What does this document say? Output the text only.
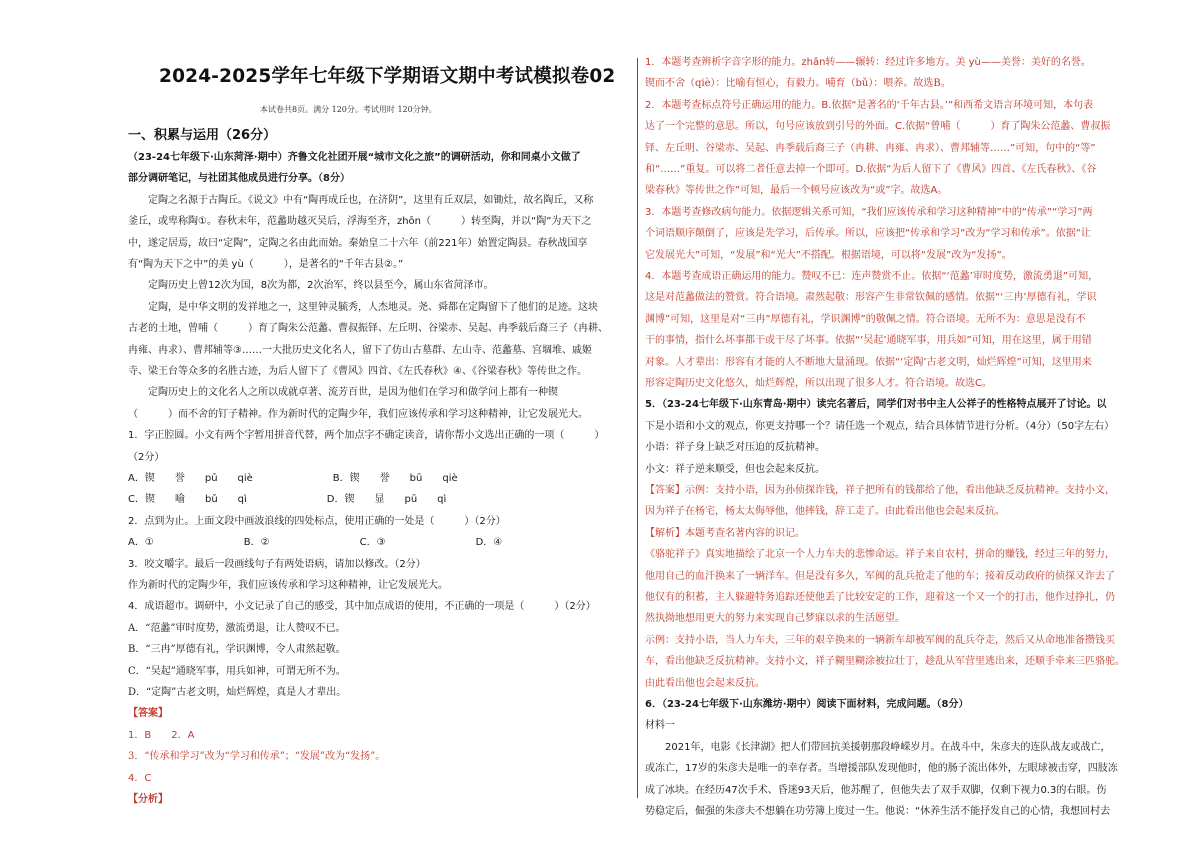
2024-2025学年七年级下学期语文期中考试模拟卷02
本试卷共8页。满分 120分。考试用时 120分钟。
一、积累与运用（26分）
（23-24七年级下·山东菏泽·期中）齐鲁文化社团开展“城市文化之旅”的调研活动，你和同桌小文做了
部分调研笔记，与社团其他成员进行分享。（8分）
　　定陶之名源于古陶丘。《说文》中有“陶再成丘也，在济阴”，这里有丘双层，如锄灶，故名陶丘，又称
釜丘，或卑称陶①。春秋末年，范蠡助越灭吴后，浮海至齐，zhōn（　　　）转至陶，并以“陶”为天下之
中，遂定居焉，故曰“定陶”，定陶之名由此而始。秦始皇二十六年（前221年）始置定陶县。春秋战国享
有“陶为天下之中”的美 yù（　　　），是著名的“千年古县②。”
　　定陶历史上曾12次为国，8次为都，2次治军，终以县至今，属山东省菏泽市。
　　定陶，是中华文明的发祥地之一，这里钟灵毓秀，人杰地灵。尧、舜都在定陶留下了他们的足迹。这块
古老的土地，曾哺（　　　）育了陶朱公范蠡、曹叔振铎、左丘明、谷梁赤、吴起、冉季载后裔三子（冉耕、
冉雍、冉求）、曹邦辅等③……一大批历史文化名人，留下了仿山古墓群、左山寺、范蠡墓、宫堌堆、戚姬
寺、梁王台等众多的名胜古迹，为后人留下了《曹风》四首、《左氏春秋》④、《谷梁春秋》等传世之作。
　　定陶历史上的文化名人之所以成就卓著、流芳百世，是因为他们在学习和做学问上都有一种锲
（　　　）而不舍的钉子精神。作为新时代的定陶少年，我们应该传承和学习这种精神，让它发展光大。
1．字正腔圆。小文有两个字暂用拼音代替，两个加点字不确定读音，请你帮小文选出正确的一项（　　　）
（2分）
A．锲　　誉　　pū　　qiè　　　　　　　　B．锲　　誉　　bū　　qiè
C．锲　　喻　　bǔ　　qì　　　　　　　　D．锲　　显　　pū　　qì
2．点到为止。上面文段中画波浪线的四处标点，使用正确的一处是（　　　）（2分）
A．①　　　　　　　　　B．②　　　　　　　　　C．③　　　　　　　　　D．④
3．咬文嚼字。最后一段画线句子有两处语病，请加以修改。（2分）
作为新时代的定陶少年，我们应该传承和学习这种精神，让它发展光大。
4．成语超市。调研中，小文记录了自己的感受，其中加点成语的使用，不正确的一项是（　　　）（2分）
A．“范蠡”审时度势，激流勇退，让人赞叹不已。
B．“三冉”厚德有礼，学识渊博，令人肃然起敬。
C．“吴起”通晓军事，用兵如神，可谓无所不为。
D．“定陶”古老文明，灿烂辉煌，真是人才辈出。
【答案】
1．B　　2．A
3．“传承和学习”改为“学习和传承”；“发展”改为“发扬”。
4．C
【分析】
1．本题考查辨析字音字形的能力。zhǎn转——辗转：经过许多地方。美 yù——美誉：美好的名誉。
锲而不舍（qiè）：比喻有恒心，有毅力。哺育（bǔ）：喂养。故选B。
2．本题考查标点符号正确运用的能力。B.依据“是著名的‘千年古县。’”和西希文语言环境可知，本句表
达了一个完整的意思。所以，句号应该放到引号的外面。C.依据“曾哺（　　　）育了陶朱公范蠡、曹叔振
铎、左丘明、谷梁赤、吴起、冉季载后裔三子（冉耕、冉雍、冉求）、曹邦辅等……”可知，句中的“等”
和“……”重复。可以将二者任意去掉一个即可。D.依据“为后人留下了《曹风》四首、《左氏春秋》、《谷
梁春秋》等传世之作”可知，最后一个顿号应该改为“或”字。故选A。
3．本题考查修改病句能力。依据逻辑关系可知，“我们应该传承和学习这种精神”中的“传承”“学习”两
个词语顺序颠倒了，应该是先学习，后传承。所以，应该把“传承和学习”改为“学习和传承”。依据“让
它发展光大”可知，“发展”和“光大”不搭配。根据语境，可以将“发展”改为“发扬”。
4．本题考查成语正确运用的能力。赞叹不已：连声赞赏不止。依据“‘范蠡’审时度势，激流勇退”可知，
这是对范蠡做法的赞赏。符合语境。肃然起敬：形容产生非常钦佩的感情。依据“‘三冉’厚德有礼，学识
渊博”可知，这里是对“三冉”厚德有礼，学识渊博”的敬佩之情。符合语境。无所不为：意思是没有不
干的事情，指什么坏事都干或干尽了坏事。依据“‘吴起’通晓军事，用兵如”可知，用在这里，属于用错
对象。人才辈出：形容有才能的人不断地大量涌现。依据“‘定陶’古老文明，灿烂辉煌”可知，这里用来
形容定陶历史文化悠久，灿烂辉煌，所以出现了很多人才。符合语境。故选C。
5．（23-24七年级下·山东青岛·期中）读完名著后，同学们对书中主人公祥子的性格特点展开了讨论。以
下是小语和小文的观点，你更支持哪一个？请任选一个观点，结合具体情节进行分析。（4分）（50字左右）
小语：祥子身上缺乏对压迫的反抗精神。
小文：祥子逆来顺受，但也会起来反抗。
【答案】示例：支持小语，因为孙侦探诈钱，祥子把所有的钱都给了他，看出他缺乏反抗精神。支持小文，
因为祥子在杨宅，杨太太侮辱他，他摔钱，辞工走了。由此看出他也会起来反抗。
【解析】本题考查名著内容的识记。
《骆驼祥子》真实地描绘了北京一个人力车夫的悲惨命运。祥子来自农村，拼命的赚钱，经过三年的努力，
他用自己的血汗换来了一辆洋车。但是没有多久，军阀的乱兵抢走了他的车；接着反动政府的侦探又诈去了
他仅有的积蓄，主人躲避特务追踪还使他丢了比较安定的工作，迎着这一个又一个的打击，他作过挣扎，仍
然执拗地想用更大的努力来实现自己梦寐以求的生活愿望。
示例：支持小语，当人力车夫，三年的艰辛换来的一辆新车却被军阀的乱兵夺走，然后又从命地准备攒钱买
车，看出他缺乏反抗精神。支持小文，祥子糊里糊涂被拉壮丁，趁乱从军营里逃出来，还顺手牵来三匹骆驼。
由此看出他也会起来反抗。
6．（23-24七年级下·山东潍坊·期中）阅读下面材料，完成问题。（8分）
材料一
　　2021年，电影《长津湖》把人们带回抗美援朝那段峥嵘岁月。在战斗中，朱彦夫的连队战友或战亡，
或冻亡，17岁的朱彦夫是唯一的幸存者。当增援部队发现他时，他的肠子流出体外，左眼球被击穿，四肢冻
成了冰块。在经历47次手术、昏迷93天后，他苏醒了，但他失去了双手双脚，仅剩下视力0.3的右眼。伤
势稳定后，倔强的朱彦夫不想躺在功劳簿上度过一生。他说：“休养生活不能抒发自己的心情，我想回村去
